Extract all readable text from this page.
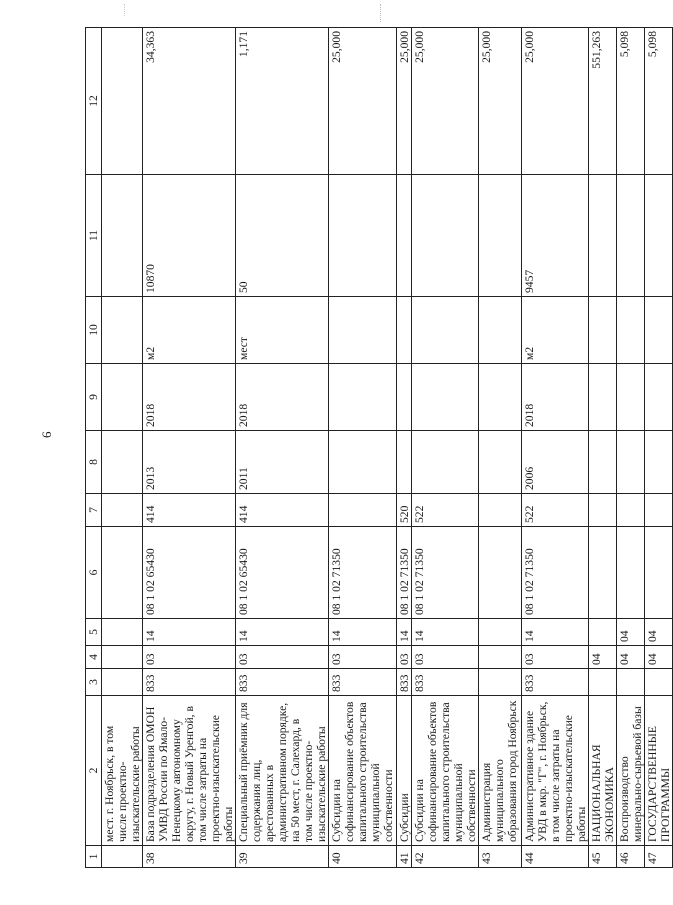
6
1	2	3	4	5	6	7	8	9	10	11	12
	мест. г. Ноябрьск, в том числе проектно-изыскательские работы										
38	База подразделения ОМОН УМВД России по Ямало-Ненецкому автономному округу, г. Новый Уренгой, в том числе затраты на проектно-изыскательские работы	833	03	14	08 1 02 65430	414	2013	2018	м2	10870	34,363
39	Специальный приёмник для содержания лиц, арестованных в административном порядке, на 50 мест, г. Салехард, в том числе проектно-изыскательские работы	833	03	14	08 1 02 65430	414	2011	2018	мест	50	1,171
40	Субсидии на софинансирование объектов капитального строительства муниципальной собственности	833	03	14	08 1 02 71350						25,000
41	Субсидии	833	03	14	08 1 02 71350	520					25,000
42	Субсидии на софинансирование объектов капитального строительства муниципальной собственности	833	03	14	08 1 02 71350	522					25,000
43	Администрация муниципального образования город Ноябрьск										25,000
44	Административное здание УВД в мкр. "Г", г. Ноябрьск, в том числе затраты на проектно-изыскательские работы	833	03	14	08 1 02 71350	522	2006	2018	м2	9457	25,000
45	НАЦИОНАЛЬНАЯ ЭКОНОМИКА		04								551,263
46	Воспроизводство минерально-сырьевой базы		04	04							5,098
47	ГОСУДАРСТВЕННЫЕ ПРОГРАММЫ		04	04							5,098
